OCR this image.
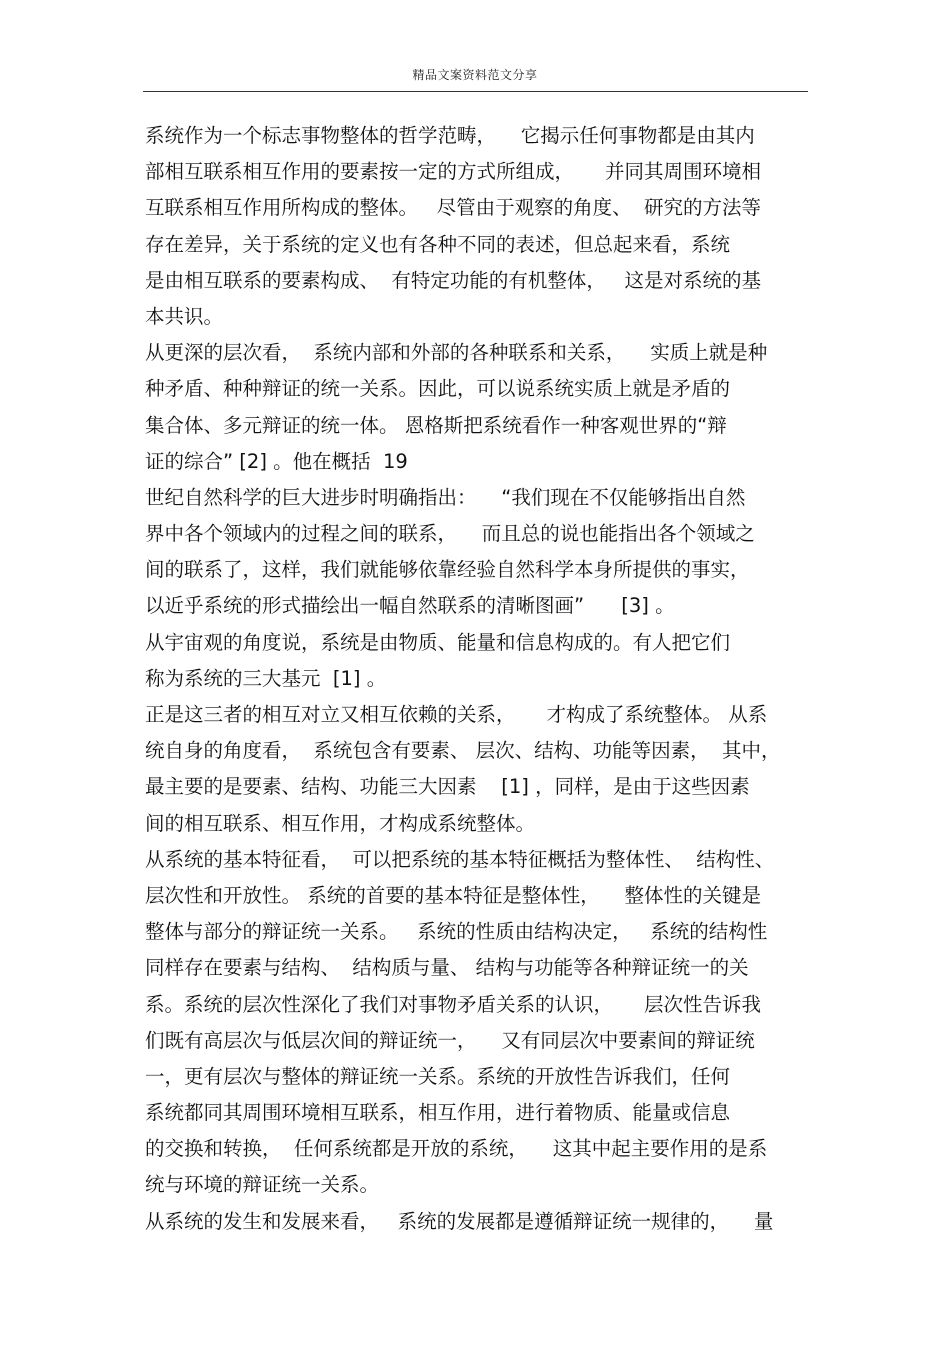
精品文案资料范文分享
系统作为一个标志事物整体的哲学范畴，    它揭示任何事物都是由其内
部相互联系相互作用的要素按一定的方式所组成，     并同其周围环境相
互联系相互作用所构成的整体。   尽管由于观察的角度、  研究的方法等
存在差异，关于系统的定义也有各种不同的表述，但总起来看，系统
是由相互联系的要素构成、  有特定功能的有机整体，   这是对系统的基
本共识。
从更深的层次看，  系统内部和外部的各种联系和关系，    实质上就是种
种矛盾、种种辩证的统一关系。因此，可以说系统实质上就是矛盾的
集合体、多元辩证的统一体。 恩格斯把系统看作一种客观世界的“辩
证的综合” [2] 。他在概括  19
世纪自然科学的巨大进步时明确指出：    “我们现在不仅能够指出自然
界中各个领域内的过程之间的联系，    而且总的说也能指出各个领域之
间的联系了，这样，我们就能够依靠经验自然科学本身所提供的事实，
以近乎系统的形式描绘出一幅自然联系的清晰图画”      [3] 。
从宇宙观的角度说，系统是由物质、能量和信息构成的。有人把它们
称为系统的三大基元  [1] 。
正是这三者的相互对立又相互依赖的关系，     才构成了系统整体。 从系
统自身的角度看，  系统包含有要素、 层次、结构、功能等因素，  其中，
最主要的是要素、结构、功能三大因素    [1] ，同样，是由于这些因素
间的相互联系、相互作用，才构成系统整体。
从系统的基本特征看，  可以把系统的基本特征概括为整体性、  结构性、
层次性和开放性。 系统的首要的基本特征是整体性，    整体性的关键是
整体与部分的辩证统一关系。   系统的性质由结构决定，   系统的结构性
同样存在要素与结构、  结构质与量、 结构与功能等各种辩证统一的关
系。系统的层次性深化了我们对事物矛盾关系的认识，     层次性告诉我
们既有高层次与低层次间的辩证统一，    又有同层次中要素间的辩证统
一，更有层次与整体的辩证统一关系。系统的开放性告诉我们，任何
系统都同其周围环境相互联系，相互作用，进行着物质、能量或信息
的交换和转换，  任何系统都是开放的系统，    这其中起主要作用的是系
统与环境的辩证统一关系。
从系统的发生和发展来看，   系统的发展都是遵循辩证统一规律的，    量
